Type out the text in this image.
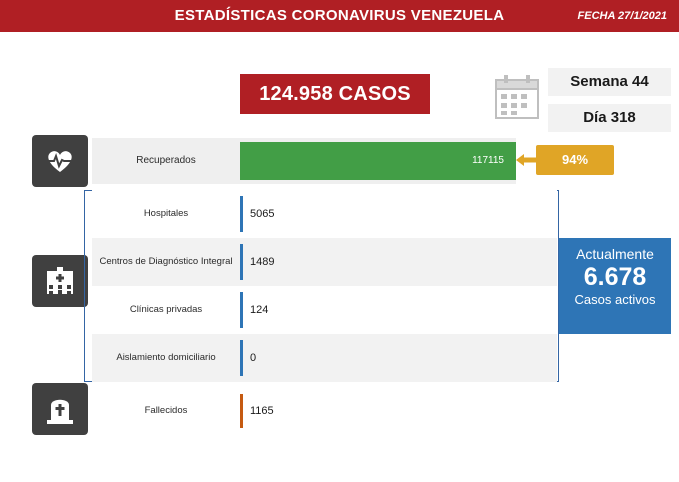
ESTADÍSTICAS CORONAVIRUS VENEZUELA	FECHA 27/1/2021
124.958 CASOS
Semana 44
Día 318
Recuperados	117115	94%
Hospitales	5065
Centros de Diagnóstico Integral	1489
Clínicas privadas	124
Aislamiento domiciliario	0
Actualmente
6.678
Casos activos
Fallecidos	1165
